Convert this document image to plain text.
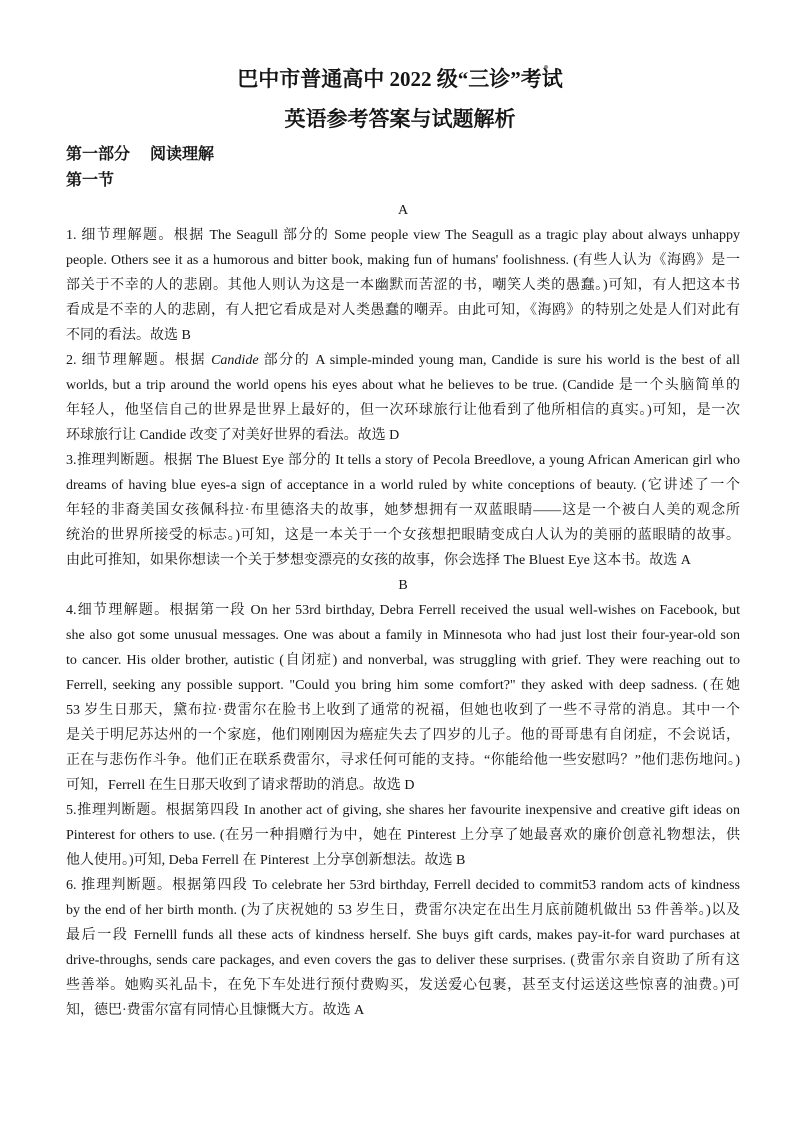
巴中市普通高中 2022 级“三诊”考试
英语参考答案与试题解析
第一部分　 阅读理解
第一节
A
1. 细节理解题。根据 The Seagull 部分的 Some people view The Seagull as a tragic play about always unhappy
people. Others see it as a humorous and bitter book, making fun of humans' foolishness. (有些人认为《海鸥》是一
部关于不幸的人的悲剧。其他人则认为这是一本幽默而苦涩的书，嘲笑人类的愚蠢。)可知，有人把这本书
看成是不幸的人的悲剧，有人把它看成是对人类愚蠢的嘲弄。由此可知，《海鸥》的特别之处是人们对此有
不同的看法。故选 B
2. 细节理解题。根据 Candide 部分的 A simple-minded young man, Candide is sure his world is the best of all
worlds, but a trip around the world opens his eyes about what he believes to be true. (Candide 是一个头脑简单的
年轻人，他坚信自己的世界是世界上最好的，但一次环球旅行让他看到了他所相信的真实。)可知，是一次
环球旅行让 Candide 改变了对美好世界的看法。故选 D
3.推理判断题。根据 The Bluest Eye 部分的 It tells a story of Pecola Breedlove, a young African American girl who
dreams of having blue eyes-a sign of acceptance in a world ruled by white conceptions of beauty. (它讲述了一个
年轻的非裔美国女孩佩科拉·布里德洛夫的故事，她梦想拥有一双蓝眼睛——这是一个被白人美的观念所
统治的世界所接受的标志。)可知，这是一本关于一个女孩想把眼睛变成白人认为的美丽的蓝眼睛的故事。
由此可推知，如果你想读一个关于梦想变漂亮的女孩的故事，你会选择 The Bluest Eye 这本书。故选 A
B
4.细节理解题。根据第一段 On her 53rd birthday, Debra Ferrell received the usual well-wishes on Facebook, but
she also got some unusual messages. One was about a family in Minnesota who had just lost their four-year-old son
to cancer. His older brother, autistic (自闭症) and nonverbal, was struggling with grief. They were reaching out to
Ferrell, seeking any possible support. "Could you bring him some comfort?" they asked with deep sadness. (在她
53 岁生日那天，黛布拉·费雷尔在脸书上收到了通常的祝福，但她也收到了一些不寻常的消息。其中一个
是关于明尼苏达州的一个家庭，他们刚刚因为癌症失去了四岁的儿子。他的哥哥患有自闭症，不会说话，
正在与悲伤作斗争。他们正在联系费雷尔，寻求任何可能的支持。“你能给他一些安慰吗？”他们悲伤地问。)
可知，Ferrell 在生日那天收到了请求帮助的消息。故选 D
5.推理判断题。根据第四段 In another act of giving, she shares her favourite inexpensive and creative gift ideas on
Pinterest for others to use. (在另一种捐赠行为中，她在 Pinterest 上分享了她最喜欢的廉价创意礼物想法，供
他人使用。)可知, Deba Ferrell 在 Pinterest 上分享创新想法。故选 B
6. 推理判断题。根据第四段 To celebrate her 53rd birthday, Ferrell decided to commit53 random acts of kindness
by the end of her birth month. (为了庆祝她的 53 岁生日，费雷尔决定在出生月底前随机做出 53 件善举。)以及
最后一段 Fernelll funds all these acts of kindness herself. She buys gift cards, makes pay-it-for ward purchases at
drive-throughs, sends care packages, and even covers the gas to deliver these surprises. (费雷尔亲自资助了所有这
些善举。她购买礼品卡，在免下车处进行预付费购买，发送爱心包裹，甚至支付运送这些惊喜的油费。)可
知，德巴·费雷尔富有同情心且慷慨大方。故选 A
